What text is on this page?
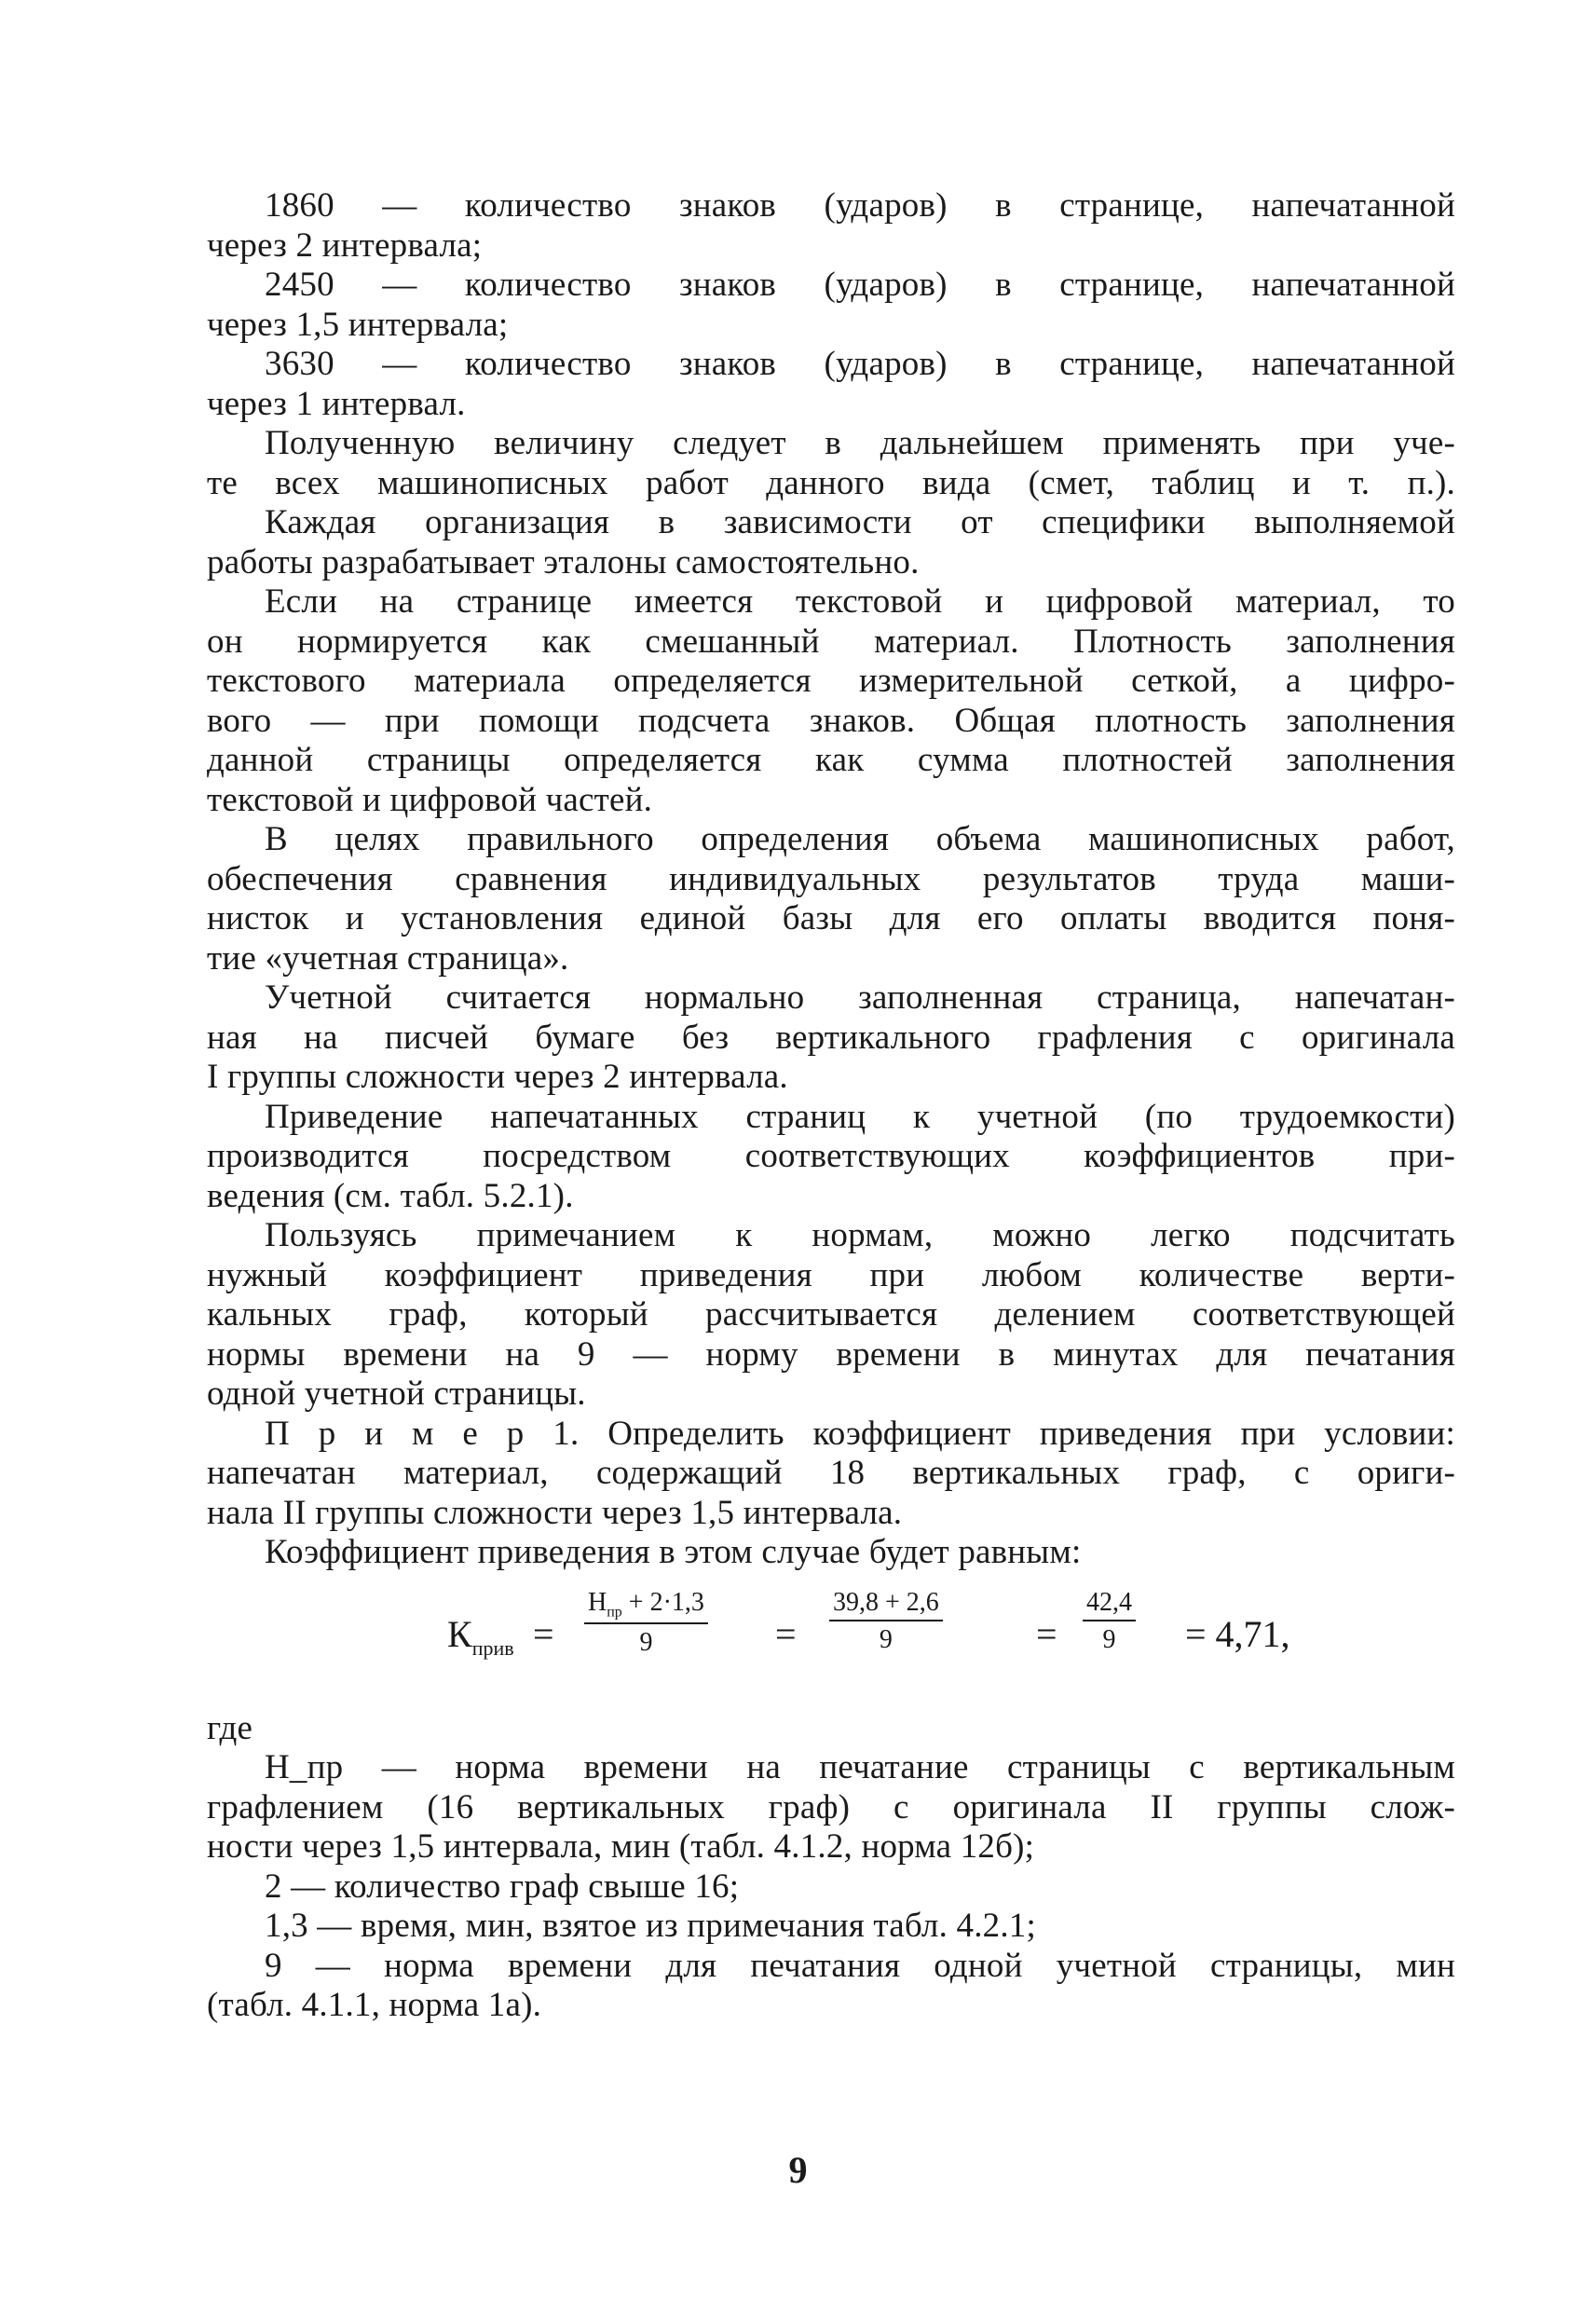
1860 — количество знаков (ударов) в странице, напечатанной
через 2 интервала;
2450 — количество знаков (ударов) в странице, напечатанной
через 1,5 интервала;
3630 — количество знаков (ударов) в странице, напечатанной
через 1 интервал.
Полученную величину следует в дальнейшем применять при уче-
те всех машинописных работ данного вида (смет, таблиц и т. п.).
Каждая организация в зависимости от специфики выполняемой
работы разрабатывает эталоны самостоятельно.
Если на странице имеется текстовой и цифровой материал, то
он нормируется как смешанный материал. Плотность заполнения
текстового материала определяется измерительной сеткой, а цифро-
вого — при помощи подсчета знаков. Общая плотность заполнения
данной страницы определяется как сумма плотностей заполнения
текстовой и цифровой частей.
В целях правильного определения объема машинописных работ,
обеспечения сравнения индивидуальных результатов труда маши-
нисток и установления единой базы для его оплаты вводится поня-
тие «учетная страница».
Учетной считается нормально заполненная страница, напечатан-
ная на писчей бумаге без вертикального графления с оригинала
I группы сложности через 2 интервала.
Приведение напечатанных страниц к учетной (по трудоемкости)
производится посредством соответствующих коэффициентов при-
ведения (см. табл. 5.2.1).
Пользуясь примечанием к нормам, можно легко подсчитать
нужный коэффициент приведения при любом количестве верти-
кальных граф, который рассчитывается делением соответствующей
нормы времени на 9 — норму времени в минутах для печатания
одной учетной страницы.
П р и м е р 1. Определить коэффициент приведения при условии:
напечатан материал, содержащий 18 вертикальных граф, с ориги-
нала II группы сложности через 1,5 интервала.
Коэффициент приведения в этом случае будет равным:
$К_{прив}$ =
$Н_{пр} + 2\cdot 1,3$
9	= $\frac{39,8 + 2,6}{9}$	= $\frac{42,4}{9} = 4,71$,
где
Н_пр — норма времени на печатание страницы с вертикальным
графлением (16 вертикальных граф) с оригинала II группы слож-
ности через 1,5 интервала, мин (табл. 4.1.2, норма 12б);
2 — количество граф свыше 16;
1,3 — время, мин, взятое из примечания табл. 4.2.1;
9 — норма времени для печатания одной учетной страницы, мин
(табл. 4.1.1, норма 1а).
9
